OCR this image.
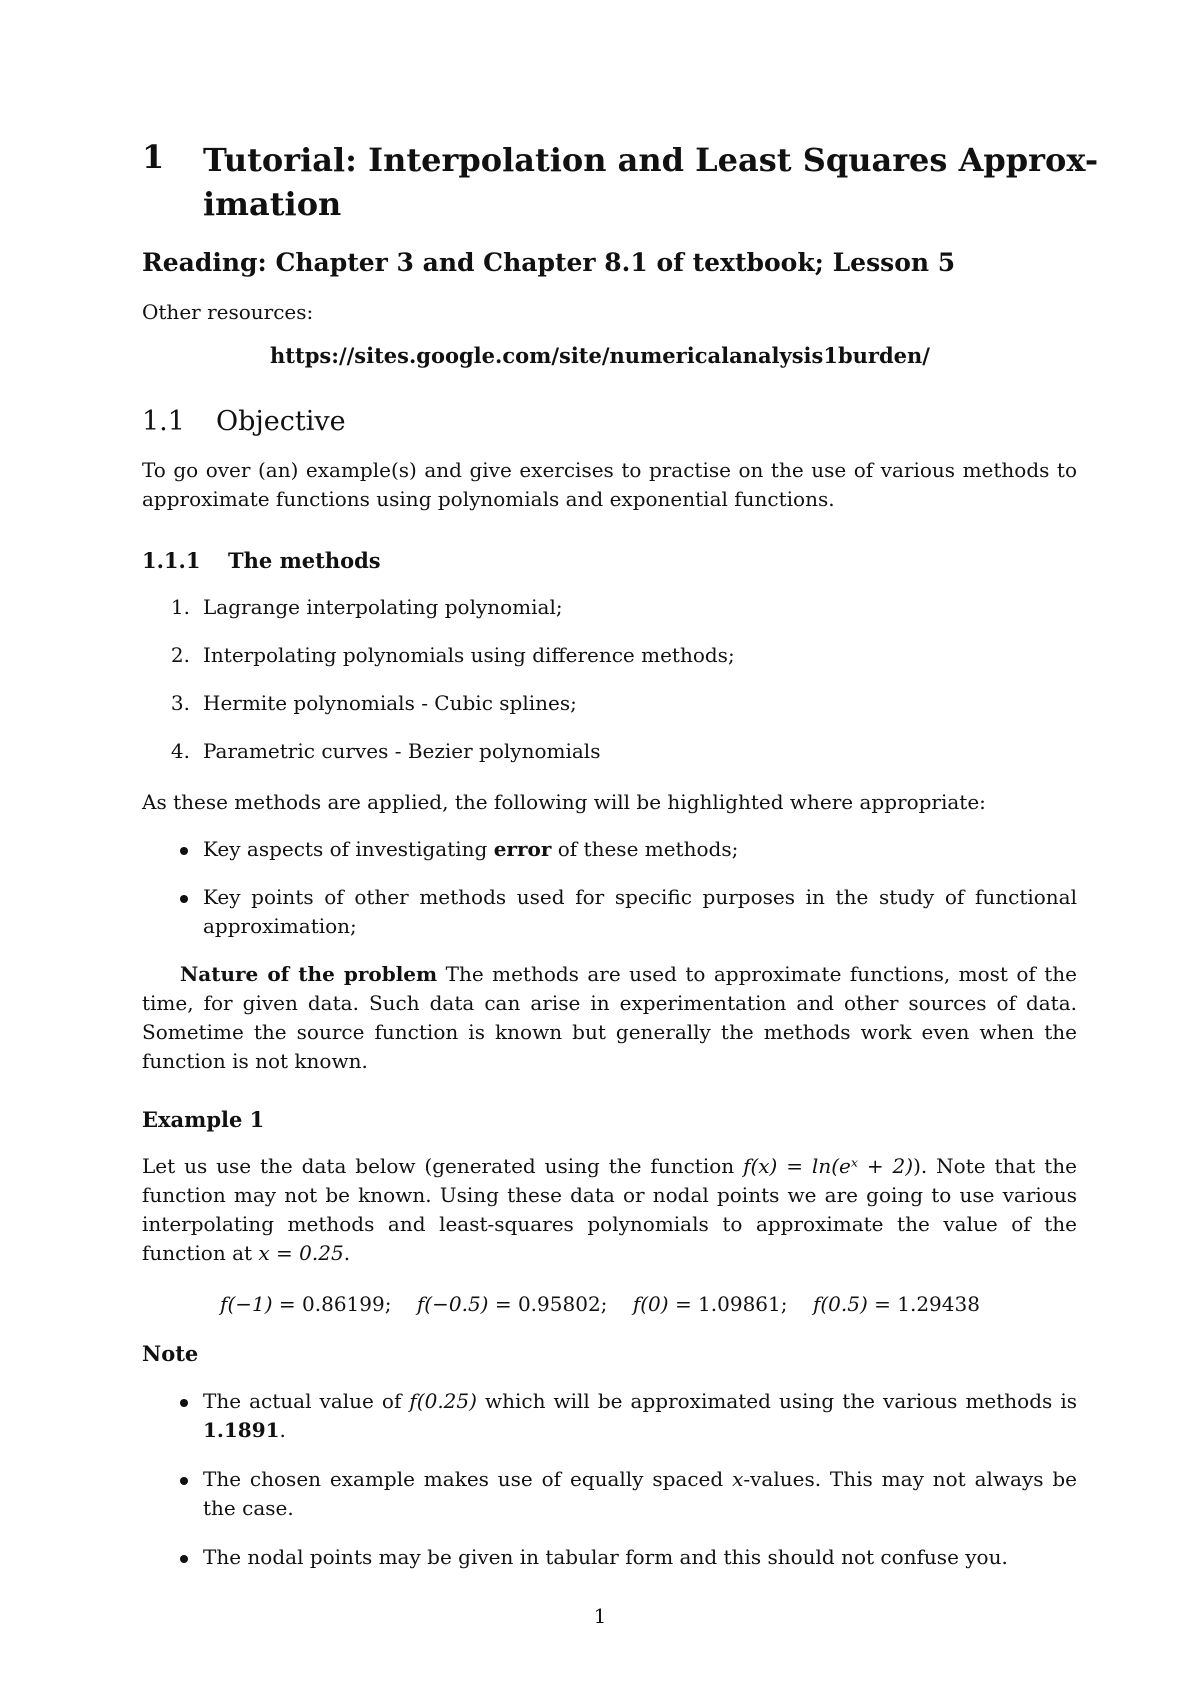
1 Tutorial: Interpolation and Least Squares Approx-imation
Reading: Chapter 3 and Chapter 8.1 of textbook; Lesson 5
Other resources:
https://sites.google.com/site/numericalanalysis1burden/
1.1 Objective
To go over (an) example(s) and give exercises to practise on the use of various methods to approximate functions using polynomials and exponential functions.
1.1.1 The methods
1. Lagrange interpolating polynomial;
2. Interpolating polynomials using difference methods;
3. Hermite polynomials - Cubic splines;
4. Parametric curves - Bezier polynomials
As these methods are applied, the following will be highlighted where appropriate:
Key aspects of investigating error of these methods;
Key points of other methods used for specific purposes in the study of functional approximation;
Nature of the problem The methods are used to approximate functions, most of the time, for given data. Such data can arise in experimentation and other sources of data. Sometime the source function is known but generally the methods work even when the function is not known.
Example 1
Let us use the data below (generated using the function f(x) = ln(eˣ + 2)). Note that the function may not be known. Using these data or nodal points we are going to use various interpolating methods and least-squares polynomials to approximate the value of the function at x = 0.25.
f(−1) = 0.86199; f(−0.5) = 0.95802; f(0) = 1.09861; f(0.5) = 1.29438
Note
The actual value of f(0.25) which will be approximated using the various methods is 1.1891.
The chosen example makes use of equally spaced x-values. This may not always be the case.
The nodal points may be given in tabular form and this should not confuse you.
1
